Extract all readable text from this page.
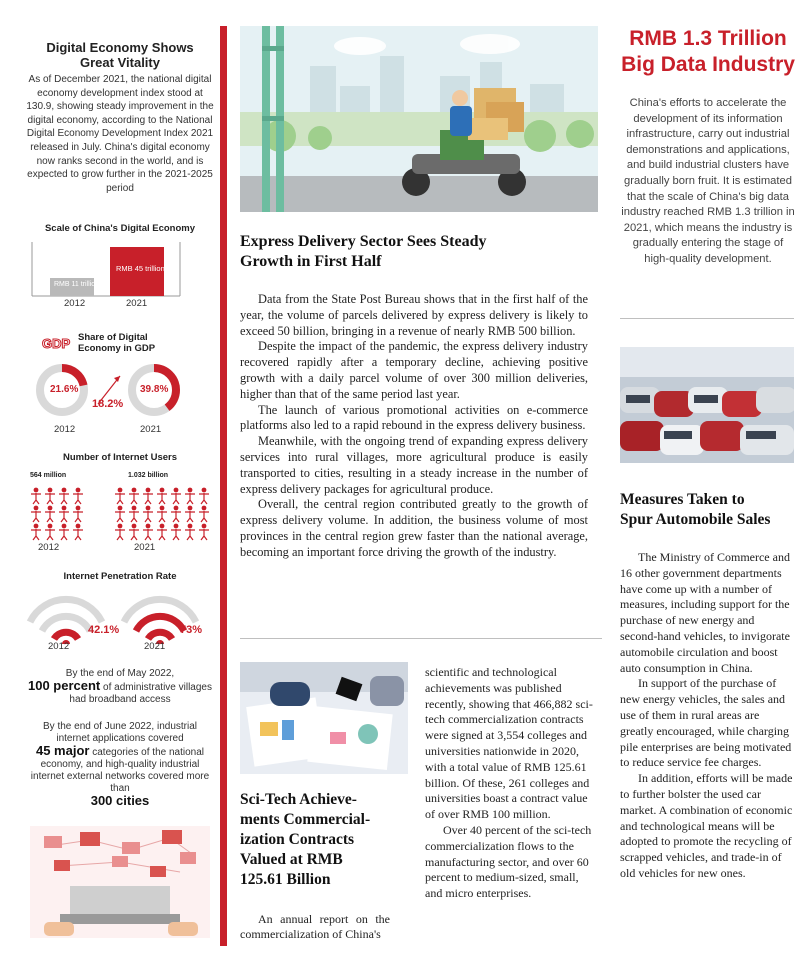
Digital Economy Shows
Great Vitality
As of December 2021, the national digital economy development index stood at 130.9, showing steady improvement in the digital economy, according to the National Digital Economy Development Index 2021 released in July. China's digital economy now ranks second in the world, and is expected to grow further in the 2021-2025 period
Scale of China's Digital Economy
RMB 11 trillion
RMB 45 trillion
2012	2021
GDP Share of Digital
Economy in GDP
21.6%	39.8%
18.2%
2012	2021
Number of Internet Users
564 million	1.032 billion
2012	2021
Internet Penetration Rate
42.1%	73%
2012	2021
By the end of May 2022,
100 percent of administrative villages had broadband access
By the end of June 2022, industrial internet applications covered
45 major categories of the national economy, and high-quality industrial internet external networks covered more than
300 cities
Express Delivery Sector Sees Steady
Growth in First Half

Data from the State Post Bureau shows that in the first half of the year, the volume of parcels delivered by express delivery is likely to exceed 50 billion, bringing in a revenue of nearly RMB 500 billion.

Despite the impact of the pandemic, the express delivery industry recovered rapidly after a temporary decline, achieving positive growth with a daily parcel volume of over 300 million deliveries, higher than that of the same period last year.

The launch of various promotional activities on e-commerce platforms also led to a rapid rebound in the express delivery business.

Meanwhile, with the ongoing trend of expanding express delivery services into rural villages, more agricultural produce is easily transported to cities, resulting in a steady increase in the number of express delivery packages for agricultural produce.

Overall, the central region contributed greatly to the growth of express delivery volume. In addition, the business volume of most provinces in the central region grew faster than the national average, becoming an important force driving the growth of the industry.

Sci-Tech Achieve-
ments Commercial-
ization Contracts
Valued at RMB
125.61 Billion

An annual report on the commercialization of China's

scientific and technological achievements was published recently, showing that 466,882 sci-tech commercialization contracts were signed at 3,554 colleges and universities nationwide in 2020, with a total value of RMB 125.61 billion. Of these, 261 colleges and universities boast a contract value of over RMB 100 million.

Over 40 percent of the sci-tech commercialization flows to the manufacturing sector, and over 60 percent to medium-sized, small, and micro enterprises.

RMB 1.3 Trillion
Big Data Industry
China's efforts to accelerate the development of its information infrastructure, carry out industrial demonstrations and applications, and build industrial clusters have gradually born fruit. It is estimated that the scale of China's big data industry reached RMB 1.3 trillion in 2021, which means the industry is gradually entering the stage of high-quality development.
Measures Taken to
Spur Automobile Sales

The Ministry of Commerce and 16 other government departments have come up with a number of measures, including support for the purchase of new energy and second-hand vehicles, to invigorate automobile circulation and boost auto consumption in China.

In support of the purchase of new energy vehicles, the sales and use of them in rural areas are greatly encouraged, while charging pile enterprises are being motivated to reduce service fee charges.

In addition, efforts will be made to further bolster the used car market. A combination of economic and technological means will be adopted to promote the recycling of scrapped vehicles, and trade-in of old vehicles for new ones.
